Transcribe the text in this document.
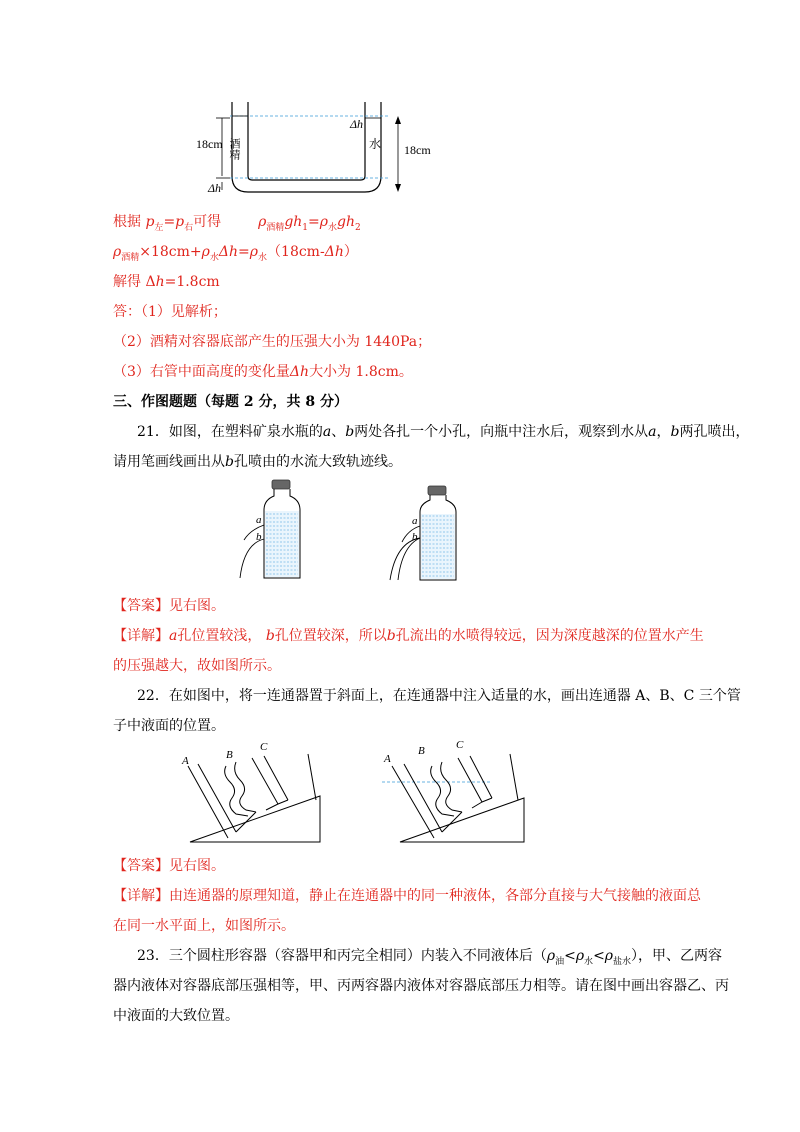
18cm
Δh
Δh
18cm
酒精	水
根据 $p_左=p_右$可得	$\rho_{酒精}gh_1=\rho_水gh_2$
$\rho_{酒精}\times 18cm+\rho_水\Delta h=\rho_水(18cm-\Delta h)$
解得 Δh=1.8cm
答：（1）见解析；
（2）酒精对容器底部产生的压强大小为 1440Pa；
（3）右管中面高度的变化量Δh大小为 1.8cm。
三、作图题题（每题 2 分，共 8 分）
21．如图，在塑料矿泉水瓶的a、b两处各扎一个小孔，向瓶中注水后，观察到水从a，b两孔喷出，
请用笔画线画出从b孔喷由的水流大致轨迹线。
a
b
a
b
【答案】见右图。
【详解】a孔位置较浅， b孔位置较深，所以b孔流出的水喷得较远，因为深度越深的位置水产生
的压强越大，故如图所示。
22．在如图中，将一连通器置于斜面上，在连通器中注入适量的水，画出连通器 A、B、C 三个管
子中液面的位置。
A	B
C
A
B	C
【答案】见右图。
【详解】由连通器的原理知道，静止在连通器中的同一种液体，各部分直接与大气接触的液面总
在同一水平面上，如图所示。
23．三个圆柱形容器（容器甲和丙完全相同）内装入不同液体后$(\rho_油<\rho_水<\rho_{盐水})$，甲、乙两容
器内液体对容器底部压强相等，甲、丙两容器内液体对容器底部压力相等。请在图中画出容器乙、丙
中液面的大致位置。
